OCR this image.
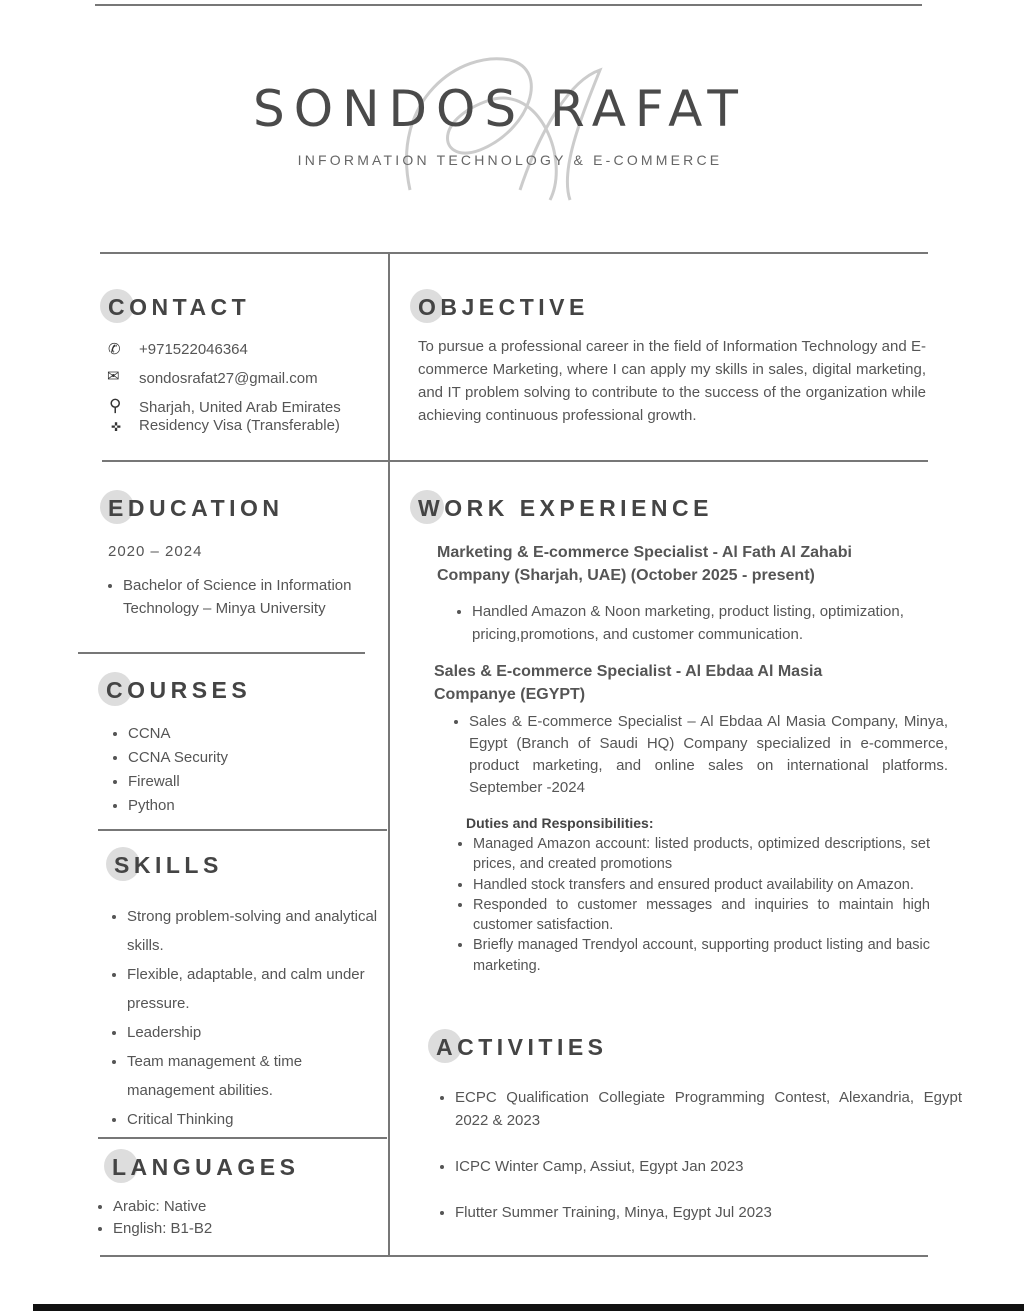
SONDOS RAFAT
INFORMATION TECHNOLOGY & E-COMMERCE
CONTACT
✆ +971522046364
✉ sondosrafat27@gmail.com
⚲ Sharjah, United Arab Emirates
✜ Residency Visa (Transferable)
OBJECTIVE
To pursue a professional career in the field of Information Technology and E-commerce Marketing, where I can apply my skills in sales, digital marketing, and IT problem solving to contribute to the success of the organization while achieving continuous professional growth.
EDUCATION
2020 – 2024
• Bachelor of Science in Information Technology – Minya University
COURSES
• CCNA
• CCNA Security
• Firewall
• Python
SKILLS
• Strong problem-solving and analytical skills.
• Flexible, adaptable, and calm under pressure.
• Leadership
• Team management & time management abilities.
• Critical Thinking
LANGUAGES
• Arabic: Native
• English: B1-B2
WORK EXPERIENCE
Marketing & E-commerce Specialist - Al Fath Al Zahabi Company (Sharjah, UAE) (October 2025 - present)
• Handled Amazon & Noon marketing, product listing, optimization, pricing,promotions, and customer communication.
Sales & E-commerce Specialist - Al Ebdaa Al Masia Companye (EGYPT)
• Sales & E-commerce Specialist – Al Ebdaa Al Masia Company, Minya, Egypt (Branch of Saudi HQ) Company specialized in e-commerce, product marketing, and online sales on international platforms. September -2024
Duties and Responsibilities:
• Managed Amazon account: listed products, optimized descriptions, set prices, and created promotions
• Handled stock transfers and ensured product availability on Amazon.
• Responded to customer messages and inquiries to maintain high customer satisfaction.
• Briefly managed Trendyol account, supporting product listing and basic marketing.
ACTIVITIES
• ECPC Qualification Collegiate Programming Contest, Alexandria, Egypt 2022 & 2023
• ICPC Winter Camp, Assiut, Egypt Jan 2023
• Flutter Summer Training, Minya, Egypt Jul 2023
